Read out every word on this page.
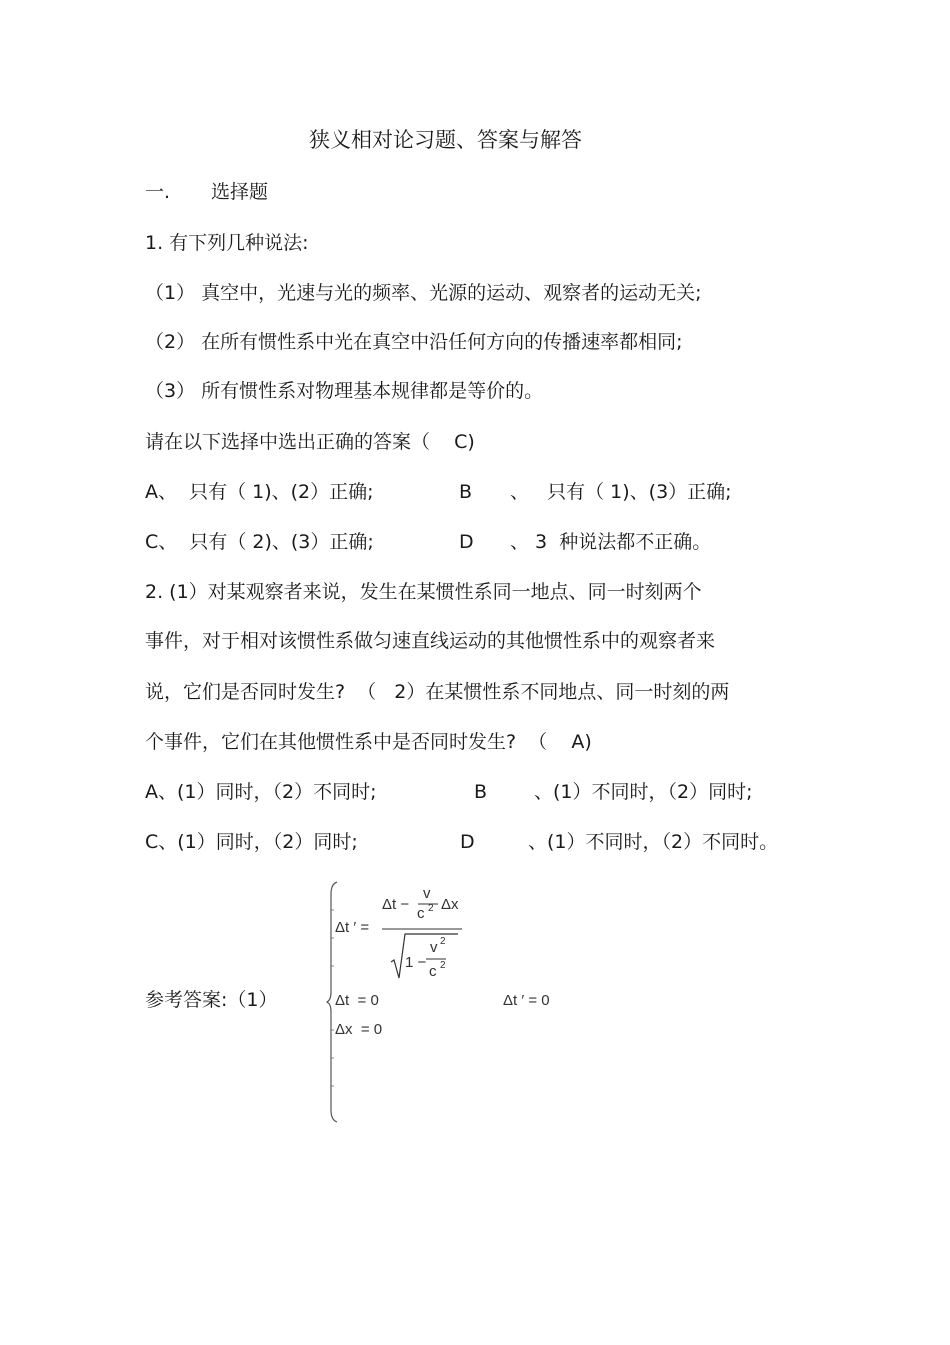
狭义相对论习题、答案与解答
一. 选择题
1. 有下列几种说法:
（1） 真空中，光速与光的频率、光源的运动、观察者的运动无关;
（2） 在所有惯性系中光在真空中沿任何方向的传播速率都相同;
（3） 所有惯性系对物理基本规律都是等价的。
请在以下选择中选出正确的答案（    C)
A、  只有（ 1)、(2）正确;	B 、   只有（ 1)、(3）正确;
C、  只有（ 2)、(3）正确;	D 、 3  种说法都不正确。
2. (1）对某观察者来说，发生在某惯性系同一地点、同一时刻两个
事件，对于相对该惯性系做匀速直线运动的其他惯性系中的观察者来
说，它们是否同时发生?  （   2）在某惯性系不同地点、同一时刻的两
个事件，它们在其他惯性系中是否同时发生?  （    A)
A、(1）同时，（2）不同时;	B 、(1）不同时，（2）同时;
C、(1）同时，（2）同时;	D	、(1）不同时，（2）不同时。
参考答案:（1）
Δt ′ =
Δt −
v
c 2 Δx
1 −
v 2
c 2
Δt  = 0
Δx  = 0
Δt ′ = 0
